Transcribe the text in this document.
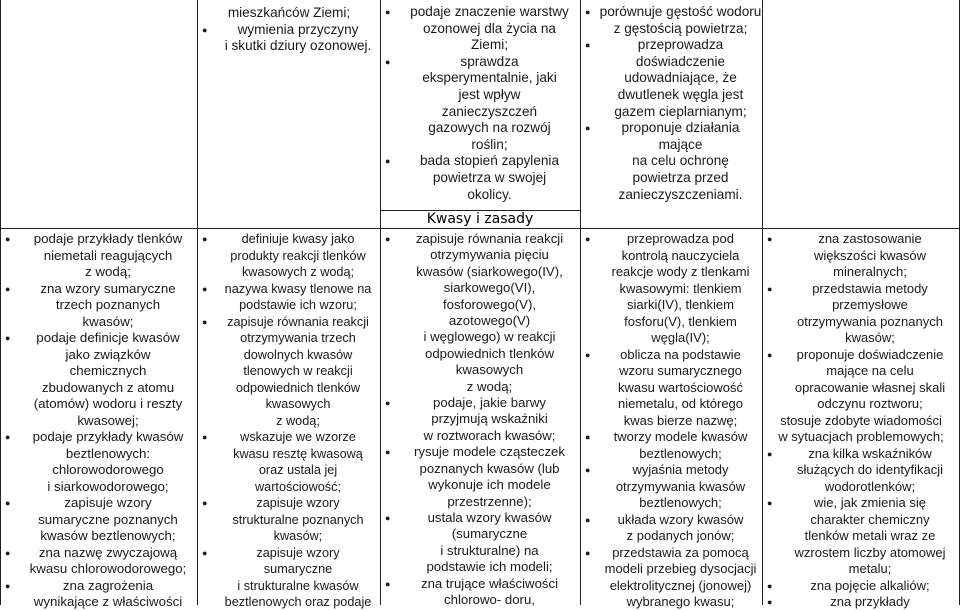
Kwasy i zasady
mieszkańców Ziemi;
● wymienia przyczyny
i skutki dziury ozonowej.
● podaje znaczenie warstwy
ozonowej dla życia na
Ziemi;
● sprawdza
eksperymentalnie, jaki
jest wpływ
zanieczyszczeń
gazowych na rozwój
roślin;
● bada stopień zapylenia
powietrza w swojej
okolicy.
● porównuje gęstość wodoru
z gęstością powietrza;
● przeprowadza
doświadczenie
udowadniające, że
dwutlenek węgla jest
gazem cieplarnianym;
● proponuje działania mające
na celu ochronę
powietrza przed
zanieczyszczeniami.
● podaje przykłady tlenków
niemetali reagujących
z wodą;
● zna wzory sumaryczne
trzech poznanych
kwasów;
● podaje definicje kwasów
jako związków
chemicznych
zbudowanych z atomu
(atomów) wodoru i reszty
kwasowej;
● podaje przykłady kwasów
beztlenowych:
chlorowodorowego
i siarkowodorowego;
● zapisuje wzory
sumaryczne poznanych
kwasów beztlenowych;
● zna nazwę zwyczajową
kwasu chlorowodorowego;
● zna zagrożenia
wynikające z właściwości
● definiuje kwasy jako
produkty reakcji tlenków
kwasowych z wodą;
● nazywa kwasy tlenowe na
podstawie ich wzoru;
● zapisuje równania reakcji
otrzymywania trzech
dowolnych kwasów
tlenowych w reakcji
odpowiednich tlenków
kwasowych
z wodą;
● wskazuje we wzorze
kwasu resztę kwasową
oraz ustala jej
wartościowość;
● zapisuje wzory
strukturalne poznanych
kwasów;
● zapisuje wzory
sumaryczne
i strukturalne kwasów
beztlenowych oraz podaje
● zapisuje równania reakcji
otrzymywania pięciu
kwasów (siarkowego(IV),
siarkowego(VI),
fosforowego(V),
azotowego(V)
i węglowego) w reakcji
odpowiednich tlenków
kwasowych
z wodą;
● podaje, jakie barwy
przyjmują wskaźniki
w roztworach kwasów;
● rysuje modele cząsteczek
poznanych kwasów (lub
wykonuje ich modele
przestrzenne);
● ustala wzory kwasów
(sumaryczne
i strukturalne) na
podstawie ich modeli;
● zna trujące właściwości
chlorowo- doru,
● przeprowadza pod
kontrolą nauczyciela
reakcje wody z tlenkami
kwasowymi: tlenkiem
siarki(IV), tlenkiem
fosforu(V), tlenkiem
węgla(IV);
● oblicza na podstawie
wzoru sumarycznego
kwasu wartościowość
niemetalu, od którego
kwas bierze nazwę;
● tworzy modele kwasów
beztlenowych;
● wyjaśnia metody
otrzymywania kwasów
beztlenowych;
● układa wzory kwasów
z podanych jonów;
● przedstawia za pomocą
modeli przebieg dysocjacji
elektrolitycznej (jonowej)
wybranego kwasu;
● zna zastosowanie
większości kwasów
mineralnych;
● przedstawia metody
przemysłowe
otrzymywania poznanych
kwasów;
● proponuje doświadczenie
mające na celu
opracowanie własnej skali
odczynu roztworu;
stosuje zdobyte wiadomości
w sytuacjach problemowych;
● zna kilka wskaźników
służących do identyfikacji
wodorotlenków;
● wie, jak zmienia się
charakter chemiczny
tlenków metali wraz ze
wzrostem liczby atomowej
metalu;
● zna pojęcie alkaliów;
● zna przykłady
